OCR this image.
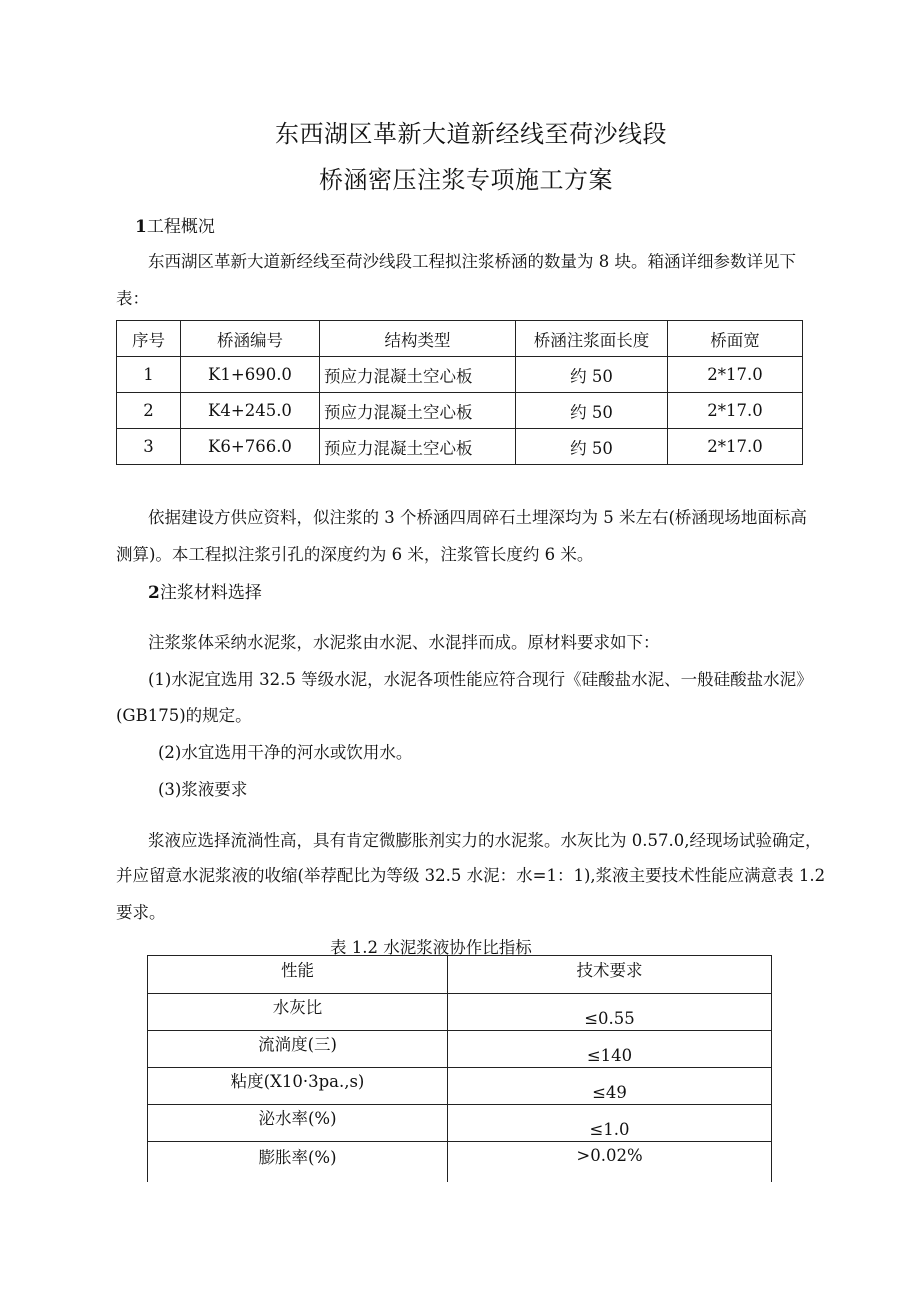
东西湖区革新大道新经线至荷沙线段
桥涵密压注浆专项施工方案
1工程概况
东西湖区革新大道新经线至荷沙线段工程拟注浆桥涵的数量为 8 块。箱涵详细参数详见下
表：
序号	桥涵编号	结构类型	桥涵注浆面长度	桥面宽
1	K1+690.0	预应力混凝土空心板	约 50	2*17.0
2	K4+245.0	预应力混凝土空心板	约 50	2*17.0
3	K6+766.0	预应力混凝土空心板	约 50	2*17.0
依据建设方供应资料，似注浆的 3 个桥涵四周碎石土埋深均为 5 米左右(桥涵现场地面标高
测算)。本工程拟注浆引孔的深度约为 6 米，注浆管长度约 6 米。
2注浆材料选择
注浆浆体采纳水泥浆，水泥浆由水泥、水混拌而成。原材料要求如下：
(1)水泥宜选用 32.5 等级水泥，水泥各项性能应符合现行《硅酸盐水泥、一般硅酸盐水泥》
(GB175)的规定。
(2)水宜选用干净的河水或饮用水。
(3)浆液要求
浆液应选择流淌性高，具有肯定微膨胀剂实力的水泥浆。水灰比为 0.57.0,经现场试验确定，
并应留意水泥浆液的收缩(举荐配比为等级 32.5 水泥：水=1：1),浆液主要技术性能应满意表 1.2
要求。
表 1.2 水泥浆液协作比指标
性能	技术要求
水灰比	≤0.55
流淌度(三)	≤140
粘度(X10·3pa.,s)	≤49
泌水率(%)	≤1.0
膨胀率(%)	>0.02%
